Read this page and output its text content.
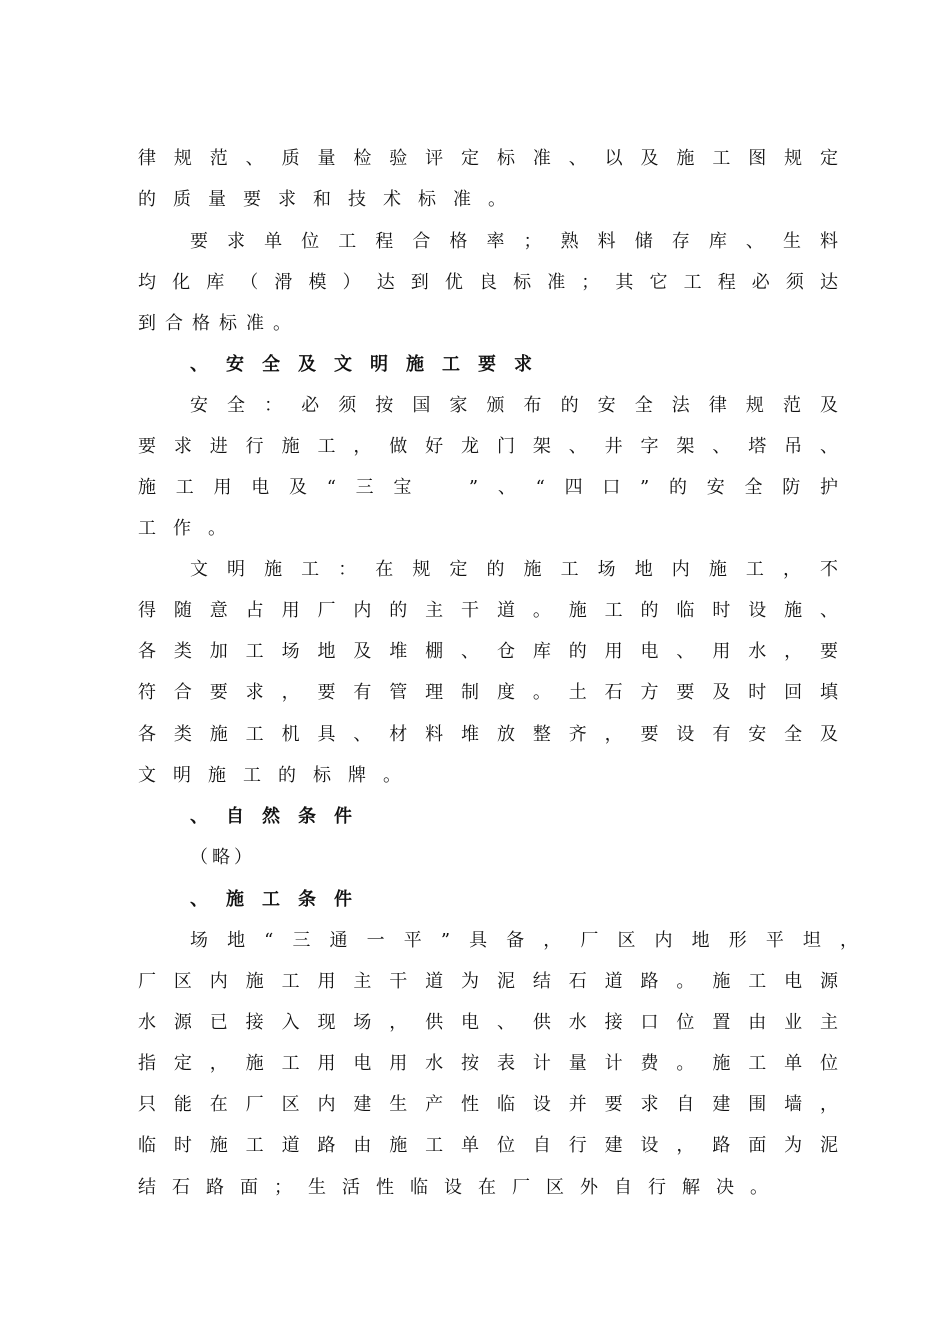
律规范、质量检验评定标准、以及施工图规定
的质量要求和技术标准。
要求单位工程合格率；熟料储存库、生料
均化库（滑模）达到优良标准；其它工程必须达
到合格标准。
、安全及文明施工要求
安全：必须按国家颁布的安全法律规范及
要求进行施工，做好龙门架、井字架、塔吊、
施工用电及“三宝　”、“四口”的安全防护
工作。
文明施工：在规定的施工场地内施工，不
得随意占用厂内的主干道。施工的临时设施、
各类加工场地及堆棚、仓库的用电、用水，要
符合要求，要有管理制度。土石方要及时回填
各类施工机具、材料堆放整齐，要设有安全及
文明施工的标牌。
、自然条件
（略）
、施工条件
场地“三通一平”具备，厂区内地形平坦，
厂区内施工用主干道为泥结石道路。施工电源
水源已接入现场，供电、供水接口位置由业主
指定，施工用电用水按表计量计费。施工单位
只能在厂区内建生产性临设并要求自建围墙，
临时施工道路由施工单位自行建设，路面为泥
结石路面；生活性临设在厂区外自行解决。
